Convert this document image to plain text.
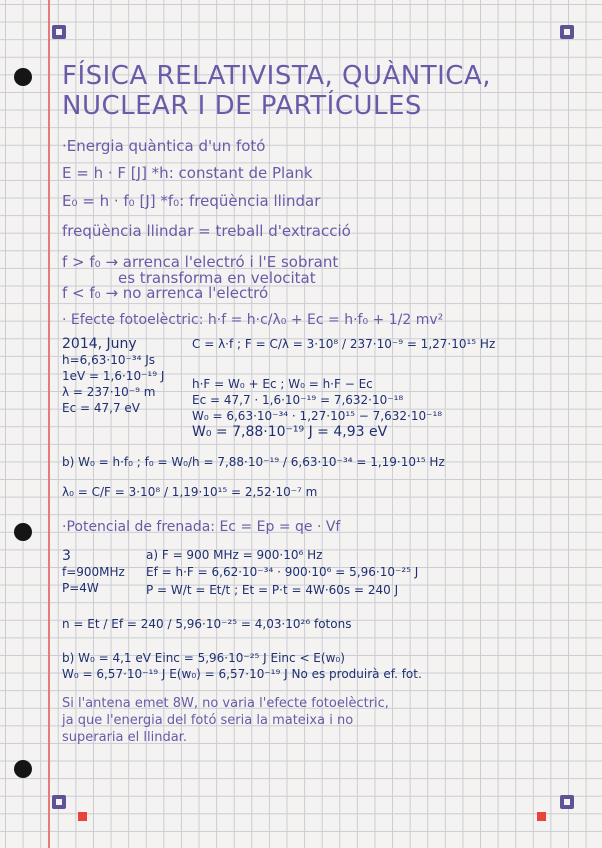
FÍSICA RELATIVISTA, QUÀNTICA,
NUCLEAR I DE PARTÍCULES
·Energia quàntica d'un fotó
E = h · F [J] *h: constant de Plank
E₀ = h · f₀ [J] *f₀: freqüència llindar
freqüència llindar = treball d'extracció
f > f₀ → arrenca l'electró i l'E sobrant
es transforma en velocitat
f < f₀ → no arrenca l'electró
· Efecte fotoelèctric: h·f = h·c/λ₀ + Ec = h·f₀ + 1/2 mv²
2014, Juny
h=6,63·10⁻³⁴ Js
1eV = 1,6·10⁻¹⁹ J
λ = 237·10⁻⁹ m
Ec = 47,7 eV
C = λ·f ; F = C/λ = 3·10⁸ / 237·10⁻⁹ = 1,27·10¹⁵ Hz
h·F = W₀ + Ec ; W₀ = h·F − Ec
Ec = 47,7 · 1,6·10⁻¹⁹ = 7,632·10⁻¹⁸
W₀ = 6,63·10⁻³⁴ · 1,27·10¹⁵ − 7,632·10⁻¹⁸
W₀ = 7,88·10⁻¹⁹ J = 4,93 eV
b) W₀ = h·f₀ ; f₀ = W₀/h = 7,88·10⁻¹⁹ / 6,63·10⁻³⁴ = 1,19·10¹⁵ Hz
λ₀ = C/F = 3·10⁸ / 1,19·10¹⁵ = 2,52·10⁻⁷ m
·Potencial de frenada: Ec = Ep = qe · Vf
3
f=900MHz
P=4W
a) F = 900 MHz = 900·10⁶ Hz
Ef = h·F = 6,62·10⁻³⁴ · 900·10⁶ = 5,96·10⁻²⁵ J
P = W/t = Et/t ; Et = P·t = 4W·60s = 240 J
n = Et / Ef = 240 / 5,96·10⁻²⁵ = 4,03·10²⁶ fotons
b) W₀ = 4,1 eV Einc = 5,96·10⁻²⁵ J Einc < E(w₀)
W₀ = 6,57·10⁻¹⁹ J E(w₀) = 6,57·10⁻¹⁹ J No es produirà ef. fot.
Si l'antena emet 8W, no varia l'efecte fotoelèctric,
ja que l'energia del fotó seria la mateixa i no
superaria el llindar.
